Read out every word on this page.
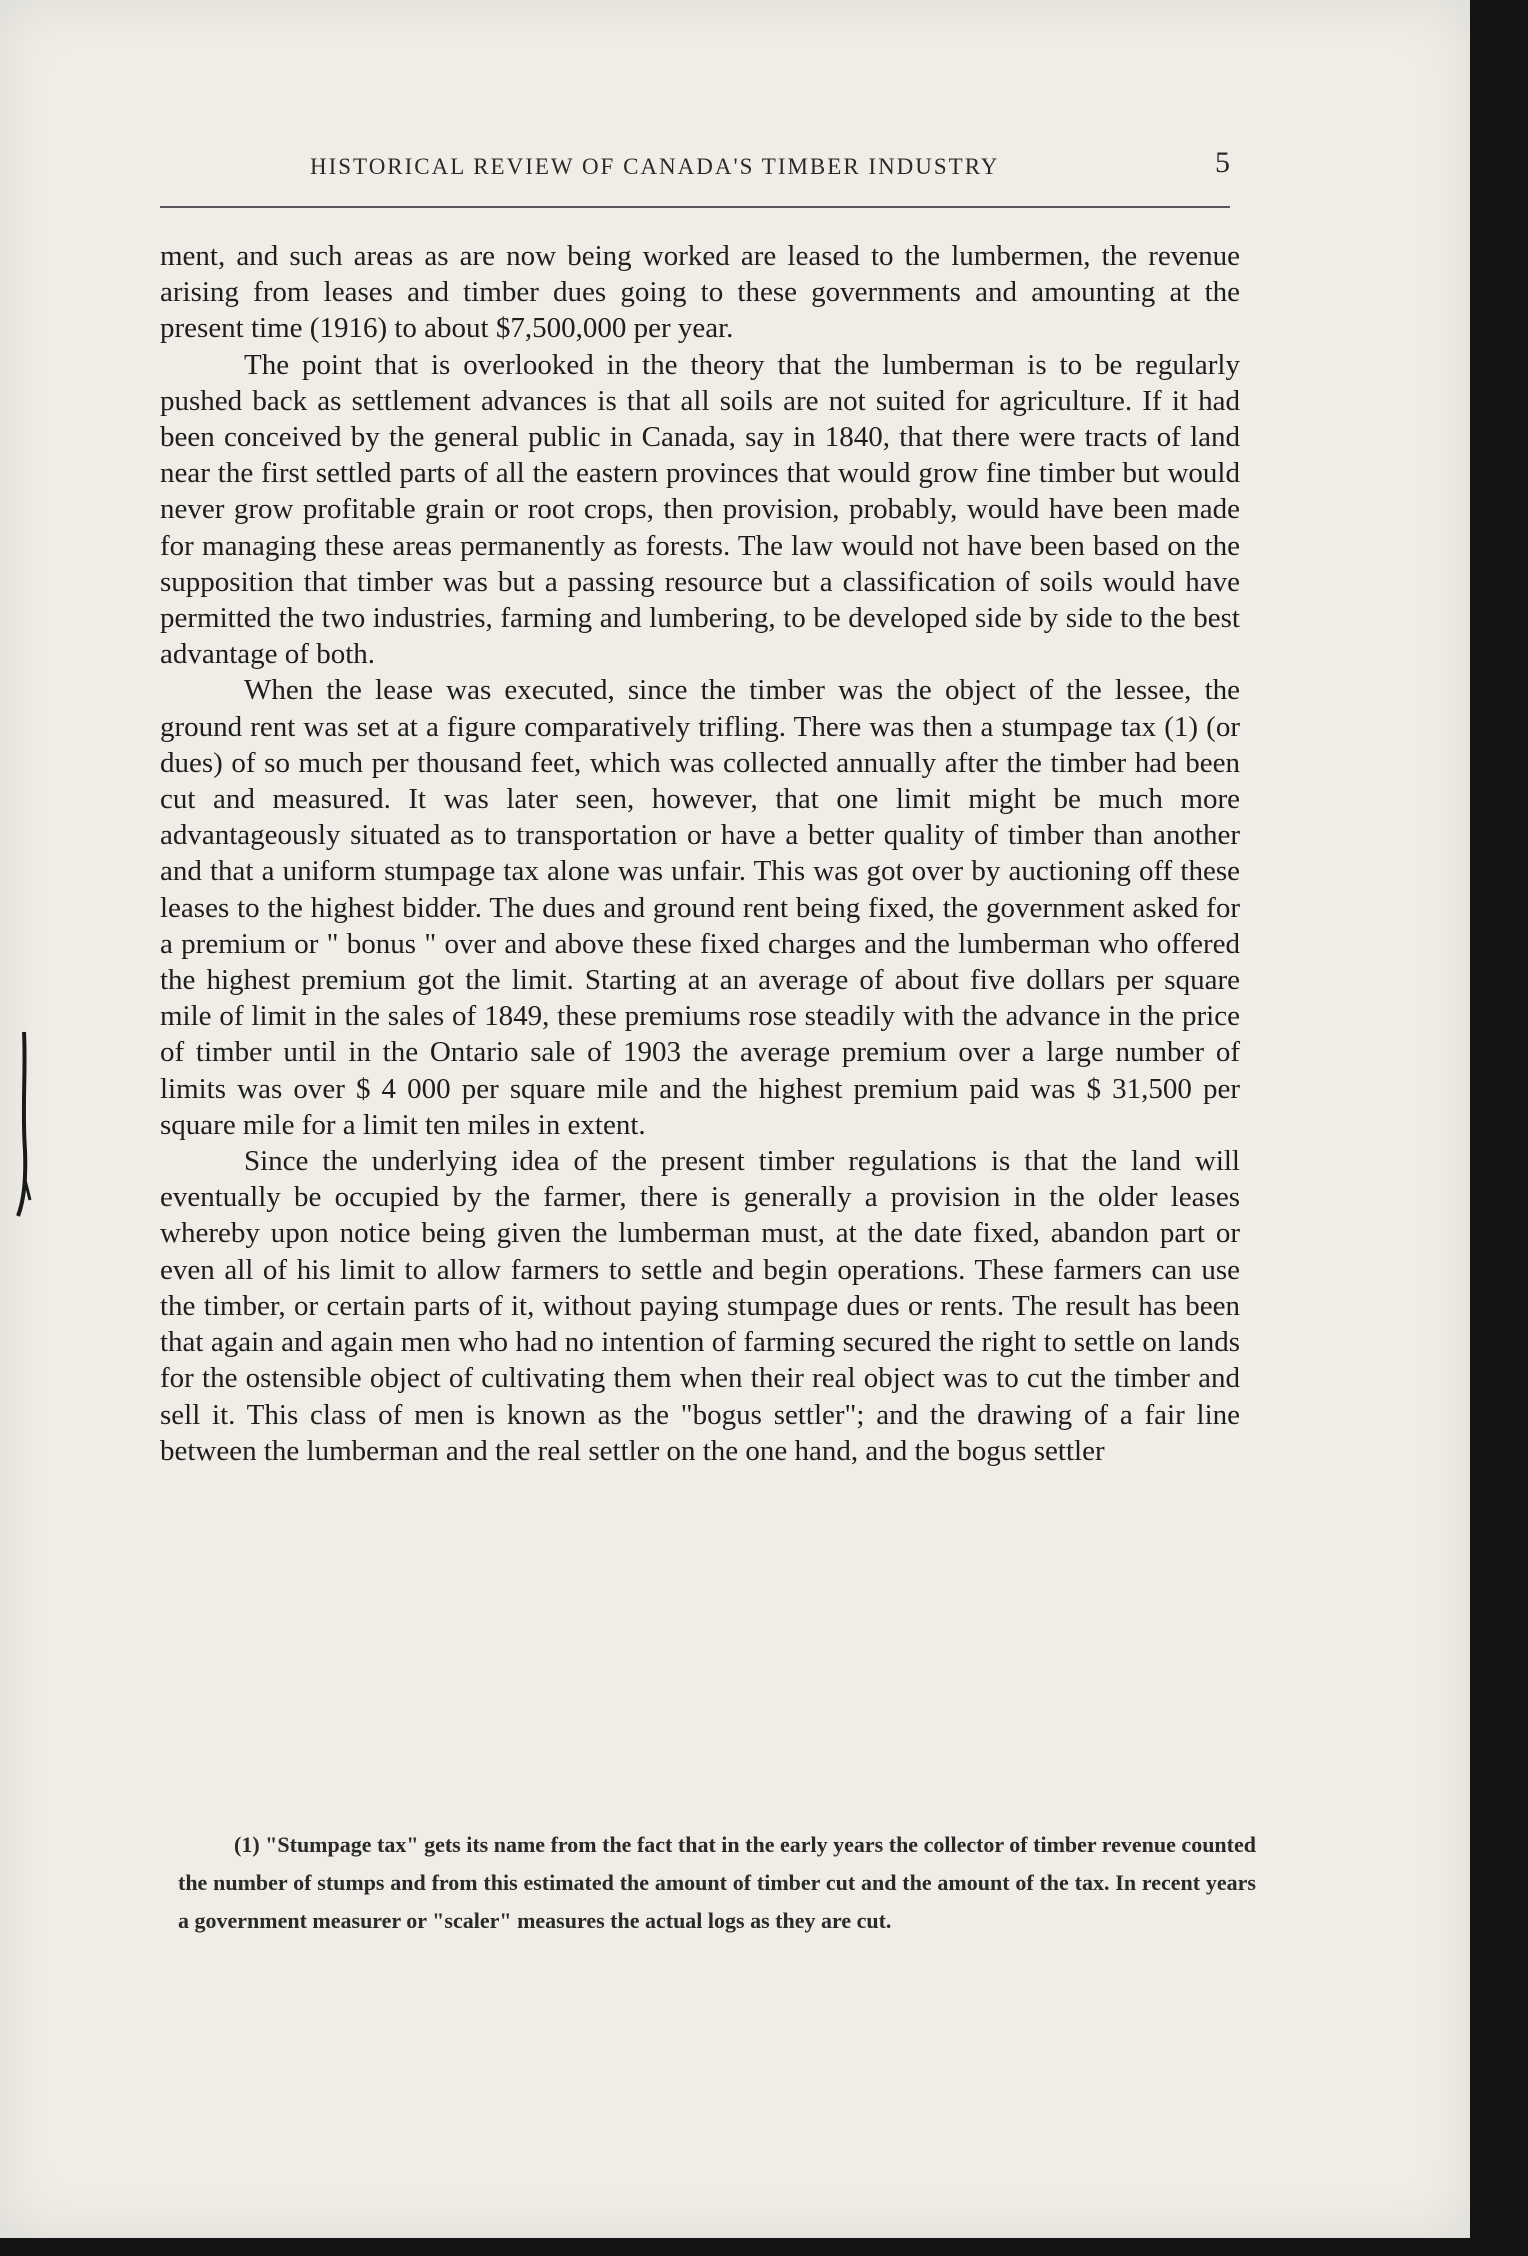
HISTORICAL REVIEW OF CANADA'S TIMBER INDUSTRY	5

ment, and such areas as are now being worked are leased to the lumbermen, the revenue arising from leases and timber dues going to these governments and amounting at the present time (1916) to about $7,500,000 per year.

The point that is overlooked in the theory that the lumberman is to be regularly pushed back as settlement advances is that all soils are not suited for agriculture. If it had been conceived by the general public in Canada, say in 1840, that there were tracts of land near the first settled parts of all the eastern provinces that would grow fine timber but would never grow profitable grain or root crops, then provision, probably, would have been made for managing these areas permanently as forests. The law would not have been based on the supposition that timber was but a passing resource but a classification of soils would have permitted the two industries, farming and lumbering, to be developed side by side to the best advantage of both.

When the lease was executed, since the timber was the object of the lessee, the ground rent was set at a figure comparatively trifling. There was then a stumpage tax (1) (or dues) of so much per thousand feet, which was collected annually after the timber had been cut and measured. It was later seen, however, that one limit might be much more advantageously situated as to transportation or have a better quality of timber than another and that a uniform stumpage tax alone was unfair. This was got over by auctioning off these leases to the highest bidder. The dues and ground rent being fixed, the government asked for a premium or " bonus " over and above these fixed charges and the lumberman who offered the highest premium got the limit. Starting at an average of about five dollars per square mile of limit in the sales of 1849, these premiums rose steadily with the advance in the price of timber until in the Ontario sale of 1903 the average premium over a large number of limits was over $ 4 000 per square mile and the highest premium paid was $ 31,500 per square mile for a limit ten miles in extent.

Since the underlying idea of the present timber regulations is that the land will eventually be occupied by the farmer, there is generally a provision in the older leases whereby upon notice being given the lumberman must, at the date fixed, abandon part or even all of his limit to allow farmers to settle and begin operations. These farmers can use the timber, or certain parts of it, without paying stumpage dues or rents. The result has been that again and again men who had no intention of farming secured the right to settle on lands for the ostensible object of cultivating them when their real object was to cut the timber and sell it. This class of men is known as the "bogus settler"; and the drawing of a fair line between the lumberman and the real settler on the one hand, and the bogus settler

(1) "Stumpage tax" gets its name from the fact that in the early years the collector of timber revenue counted the number of stumps and from this estimated the amount of timber cut and the amount of the tax. In recent years a government measurer or "scaler" measures the actual logs as they are cut.
